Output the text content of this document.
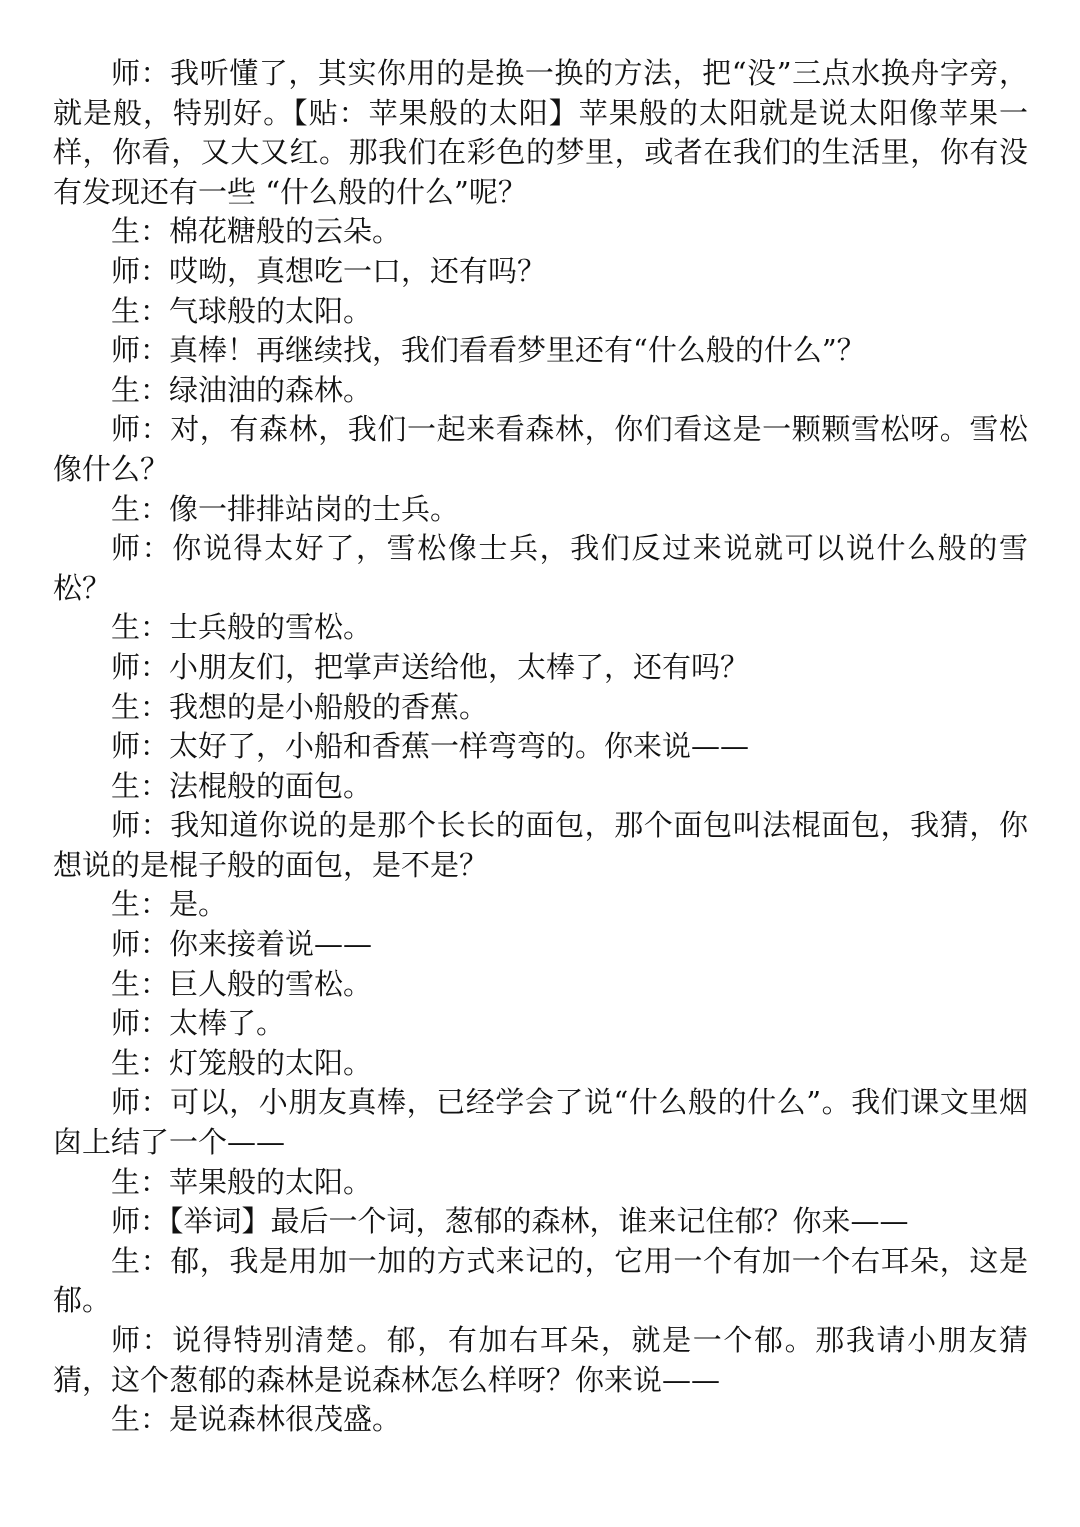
师：我听懂了，其实你用的是换一换的方法，把“没”三点水换舟字旁，就是般，特别好。【贴：苹果般的太阳】苹果般的太阳就是说太阳像苹果一样，你看，又大又红。那我们在彩色的梦里，或者在我们的生活里，你有没有发现还有一些 “什么般的什么”呢？

生：棉花糖般的云朵。

师：哎呦，真想吃一口，还有吗？

生：气球般的太阳。

师：真棒！再继续找，我们看看梦里还有“什么般的什么”？

生：绿油油的森林。

师：对，有森林，我们一起来看森林，你们看这是一颗颗雪松呀。雪松像什么？

生：像一排排站岗的士兵。

师：你说得太好了，雪松像士兵，我们反过来说就可以说什么般的雪松？

生：士兵般的雪松。

师：小朋友们，把掌声送给他，太棒了，还有吗？

生：我想的是小船般的香蕉。

师：太好了，小船和香蕉一样弯弯的。你来说——

生：法棍般的面包。

师：我知道你说的是那个长长的面包，那个面包叫法棍面包，我猜，你想说的是棍子般的面包，是不是？

生：是。

师：你来接着说——

生：巨人般的雪松。

师：太棒了。

生：灯笼般的太阳。

师：可以，小朋友真棒，已经学会了说“什么般的什么”。我们课文里烟囱上结了一个——

生：苹果般的太阳。

师：【举词】最后一个词，葱郁的森林，谁来记住郁？你来——

生：郁，我是用加一加的方式来记的，它用一个有加一个右耳朵，这是郁。

师：说得特别清楚。郁，有加右耳朵，就是一个郁。那我请小朋友猜猜，这个葱郁的森林是说森林怎么样呀？你来说——

生：是说森林很茂盛。
